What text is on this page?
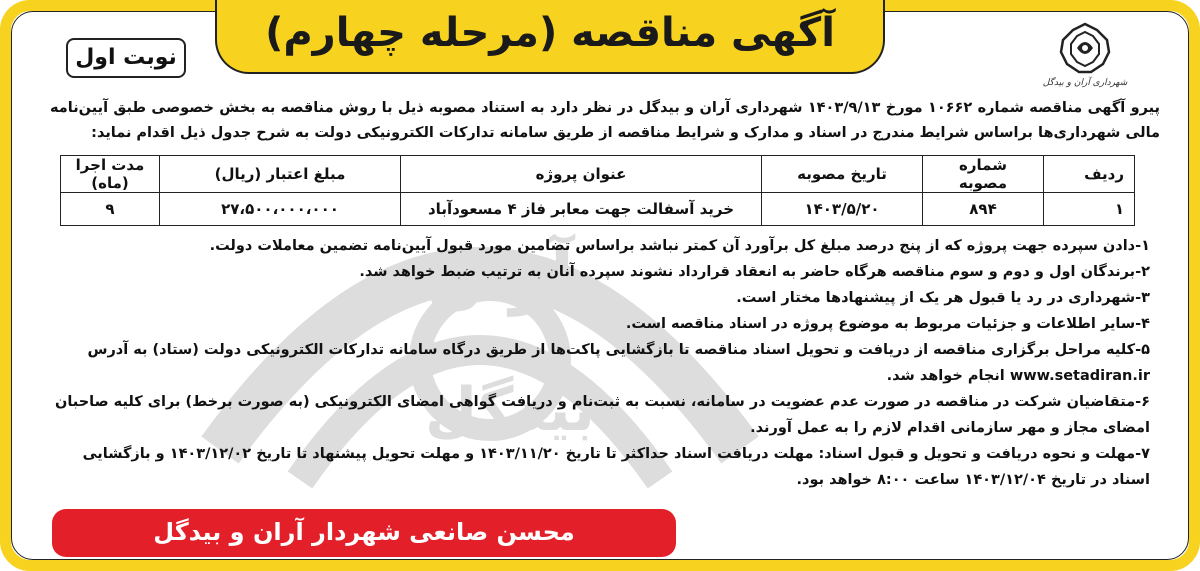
آران
بیدگل
آگهی مناقصه (مرحله چهارم)
نوبت اول
شهرداری آران و بیدگل
پیرو آگهی مناقصه شماره ۱۰۶۶۲ مورخ ۱۴۰۳/۹/۱۳ شهرداری آران و بیدگل در نظر دارد به استناد مصوبه ذیل با روش مناقصه به بخش خصوصی طبق آیین‌نامه مالی شهرداری‌ها براساس شرایط مندرج در اسناد و مدارک و شرایط مناقصه از طریق سامانه تدارکات الکترونیکی دولت به شرح جدول ذیل اقدام نماید:
ردیف	شماره مصوبه	تاریخ مصوبه	عنوان پروژه	مبلغ اعتبار (ریال)	مدت اجرا (ماه)
۱	۸۹۴	۱۴۰۳/۵/۲۰	خرید آسفالت جهت معابر فاز ۴ مسعودآباد	۲۷،۵۰۰،۰۰۰،۰۰۰	۹

۱-دادن سپرده جهت پروژه که از پنج درصد مبلغ کل برآورد آن کمتر نباشد براساس تضامین مورد قبول آیین‌نامه تضمین معاملات دولت.

۲-برندگان اول و دوم و سوم مناقصه هرگاه حاضر به انعقاد قرارداد نشوند سپرده آنان به ترتیب ضبط خواهد شد.

۳-شهرداری در رد یا قبول هر یک از پیشنهادها مختار است.

۴-سایر اطلاعات و جزئیات مربوط به موضوع پروژه در اسناد مناقصه است.

۵-کلیه مراحل برگزاری مناقصه از دریافت و تحویل اسناد مناقصه تا بازگشایی پاکت‌ها از طریق درگاه سامانه تدارکات الکترونیکی دولت (ستاد) به آدرس www.setadiran.ir انجام خواهد شد.

۶-متقاضیان شرکت در مناقصه در صورت عدم عضویت در سامانه، نسبت به ثبت‌نام و دریافت گواهی امضای الکترونیکی (به صورت برخط) برای کلیه صاحبان امضای مجاز و مهر سازمانی اقدام لازم را به عمل آورند.

۷-مهلت و نحوه دریافت و تحویل و قبول اسناد: مهلت دریافت اسناد حداکثر تا تاریخ ۱۴۰۳/۱۱/۲۰ و مهلت تحویل پیشنهاد تا تاریخ ۱۴۰۳/۱۲/۰۲ و بازگشایی اسناد در تاریخ ۱۴۰۳/۱۲/۰۴ ساعت ۸:۰۰ خواهد بود.

محسن صانعی شهردار آران و بیدگل
